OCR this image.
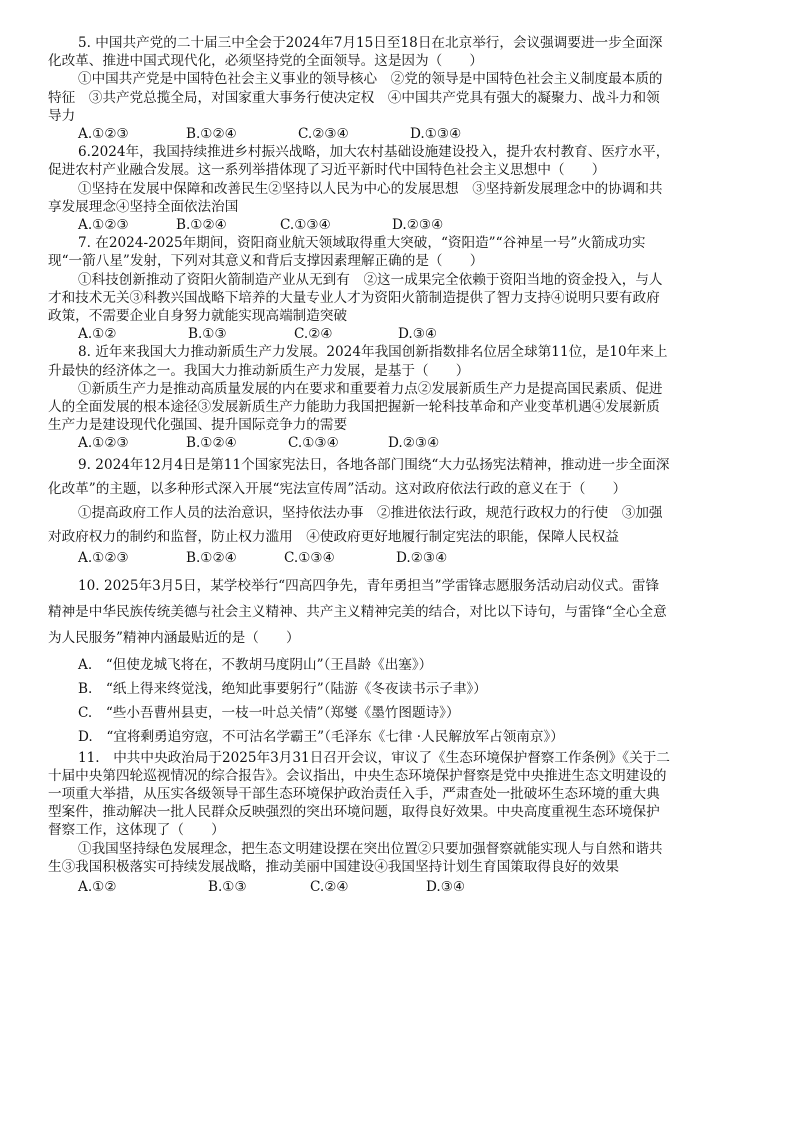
5. 中国共产党的二十届三中全会于2024年7月15日至18日在北京举行，会议强调要进一步全面深化改革、推进中国式现代化，必须坚持党的全面领导。这是因为（　　）

①中国共产党是中国特色社会主义事业的领导核心　②党的领导是中国特色社会主义制度最本质的特征　③共产党总揽全局，对国家重大事务行使决定权　④中国共产党具有强大的凝聚力、战斗力和领导力

A.①②③	B.①②④	C.②③④	D.①③④

6.2024年，我国持续推进乡村振兴战略，加大农村基础设施建设投入，提升农村教育、医疗水平，促进农村产业融合发展。这一系列举措体现了习近平新时代中国特色社会主义思想中（　　）

①坚持在发展中保障和改善民生②坚持以人民为中心的发展思想　③坚持新发展理念中的协调和共享发展理念④坚持全面依法治国

A.①②③	B.①②④	C.①③④	D.②③④

7. 在2024-2025年期间，资阳商业航天领域取得重大突破，“资阳造”“谷神星一号”火箭成功实现“一箭八星”发射，下列对其意义和背后支撑因素理解正确的是（　　）

①科技创新推动了资阳火箭制造产业从无到有　②这一成果完全依赖于资阳当地的资金投入，与人才和技术无关③科教兴国战略下培养的大量专业人才为资阳火箭制造提供了智力支持④说明只要有政府政策，不需要企业自身努力就能实现高端制造突破

A.①②	B.①③	C.②④	D.③④

8. 近年来我国大力推动新质生产力发展。2024年我国创新指数排名位居全球第11位，是10年来上升最快的经济体之一。我国大力推动新质生产力发展，是基于（　　）

①新质生产力是推动高质量发展的内在要求和重要着力点②发展新质生产力是提高国民素质、促进人的全面发展的根本途径③发展新质生产力能助力我国把握新一轮科技革命和产业变革机遇④发展新质生产力是建设现代化强国、提升国际竞争力的需要

A.①②③	B.①②④	C.①③④	D.②③④

9. 2024年12月4日是第11个国家宪法日，各地各部门围绕“大力弘扬宪法精神，推动进一步全面深化改革”的主题，以多种形式深入开展“宪法宣传周”活动。这对政府依法行政的意义在于（　　）

①提高政府工作人员的法治意识，坚持依法办事　②推进依法行政，规范行政权力的行使　③加强对政府权力的制约和监督，防止权力滥用　④使政府更好地履行制定宪法的职能，保障人民权益

A.①②③	B.①②④	C.①③④	D.②③④

10. 2025年3月5日，某学校举行“四高四争先，青年勇担当”学雷锋志愿服务活动启动仪式。雷锋精神是中华民族传统美德与社会主义精神、共产主义精神完美的结合，对比以下诗句，与雷锋“全心全意为人民服务”精神内涵最贴近的是（　　）

A.　“但使龙城飞将在，不教胡马度阴山”（王昌龄《出塞》）

B.　“纸上得来终觉浅，绝知此事要躬行”（陆游《冬夜读书示子聿》）

C.　“些小吾曹州县吏，一枝一叶总关情”（郑燮《墨竹图题诗》）

D.　“宜将剩勇追穷寇，不可沽名学霸王”（毛泽东《七律 ·人民解放军占领南京》）

11.　中共中央政治局于2025年3月31日召开会议，审议了《生态环境保护督察工作条例》《关于二十届中央第四轮巡视情况的综合报告》。会议指出，中央生态环境保护督察是党中央推进生态文明建设的一项重大举措，从压实各级领导干部生态环境保护政治责任入手，严肃查处一批破坏生态环境的重大典型案件，推动解决一批人民群众反映强烈的突出环境问题，取得良好效果。中央高度重视生态环境保护督察工作，这体现了（　　）

①我国坚持绿色发展理念，把生态文明建设摆在突出位置②只要加强督察就能实现人与自然和谐共生③我国积极落实可持续发展战略，推动美丽中国建设④我国坚持计划生育国策取得良好的效果

A.①②	B.①③	C.②④	D.③④
